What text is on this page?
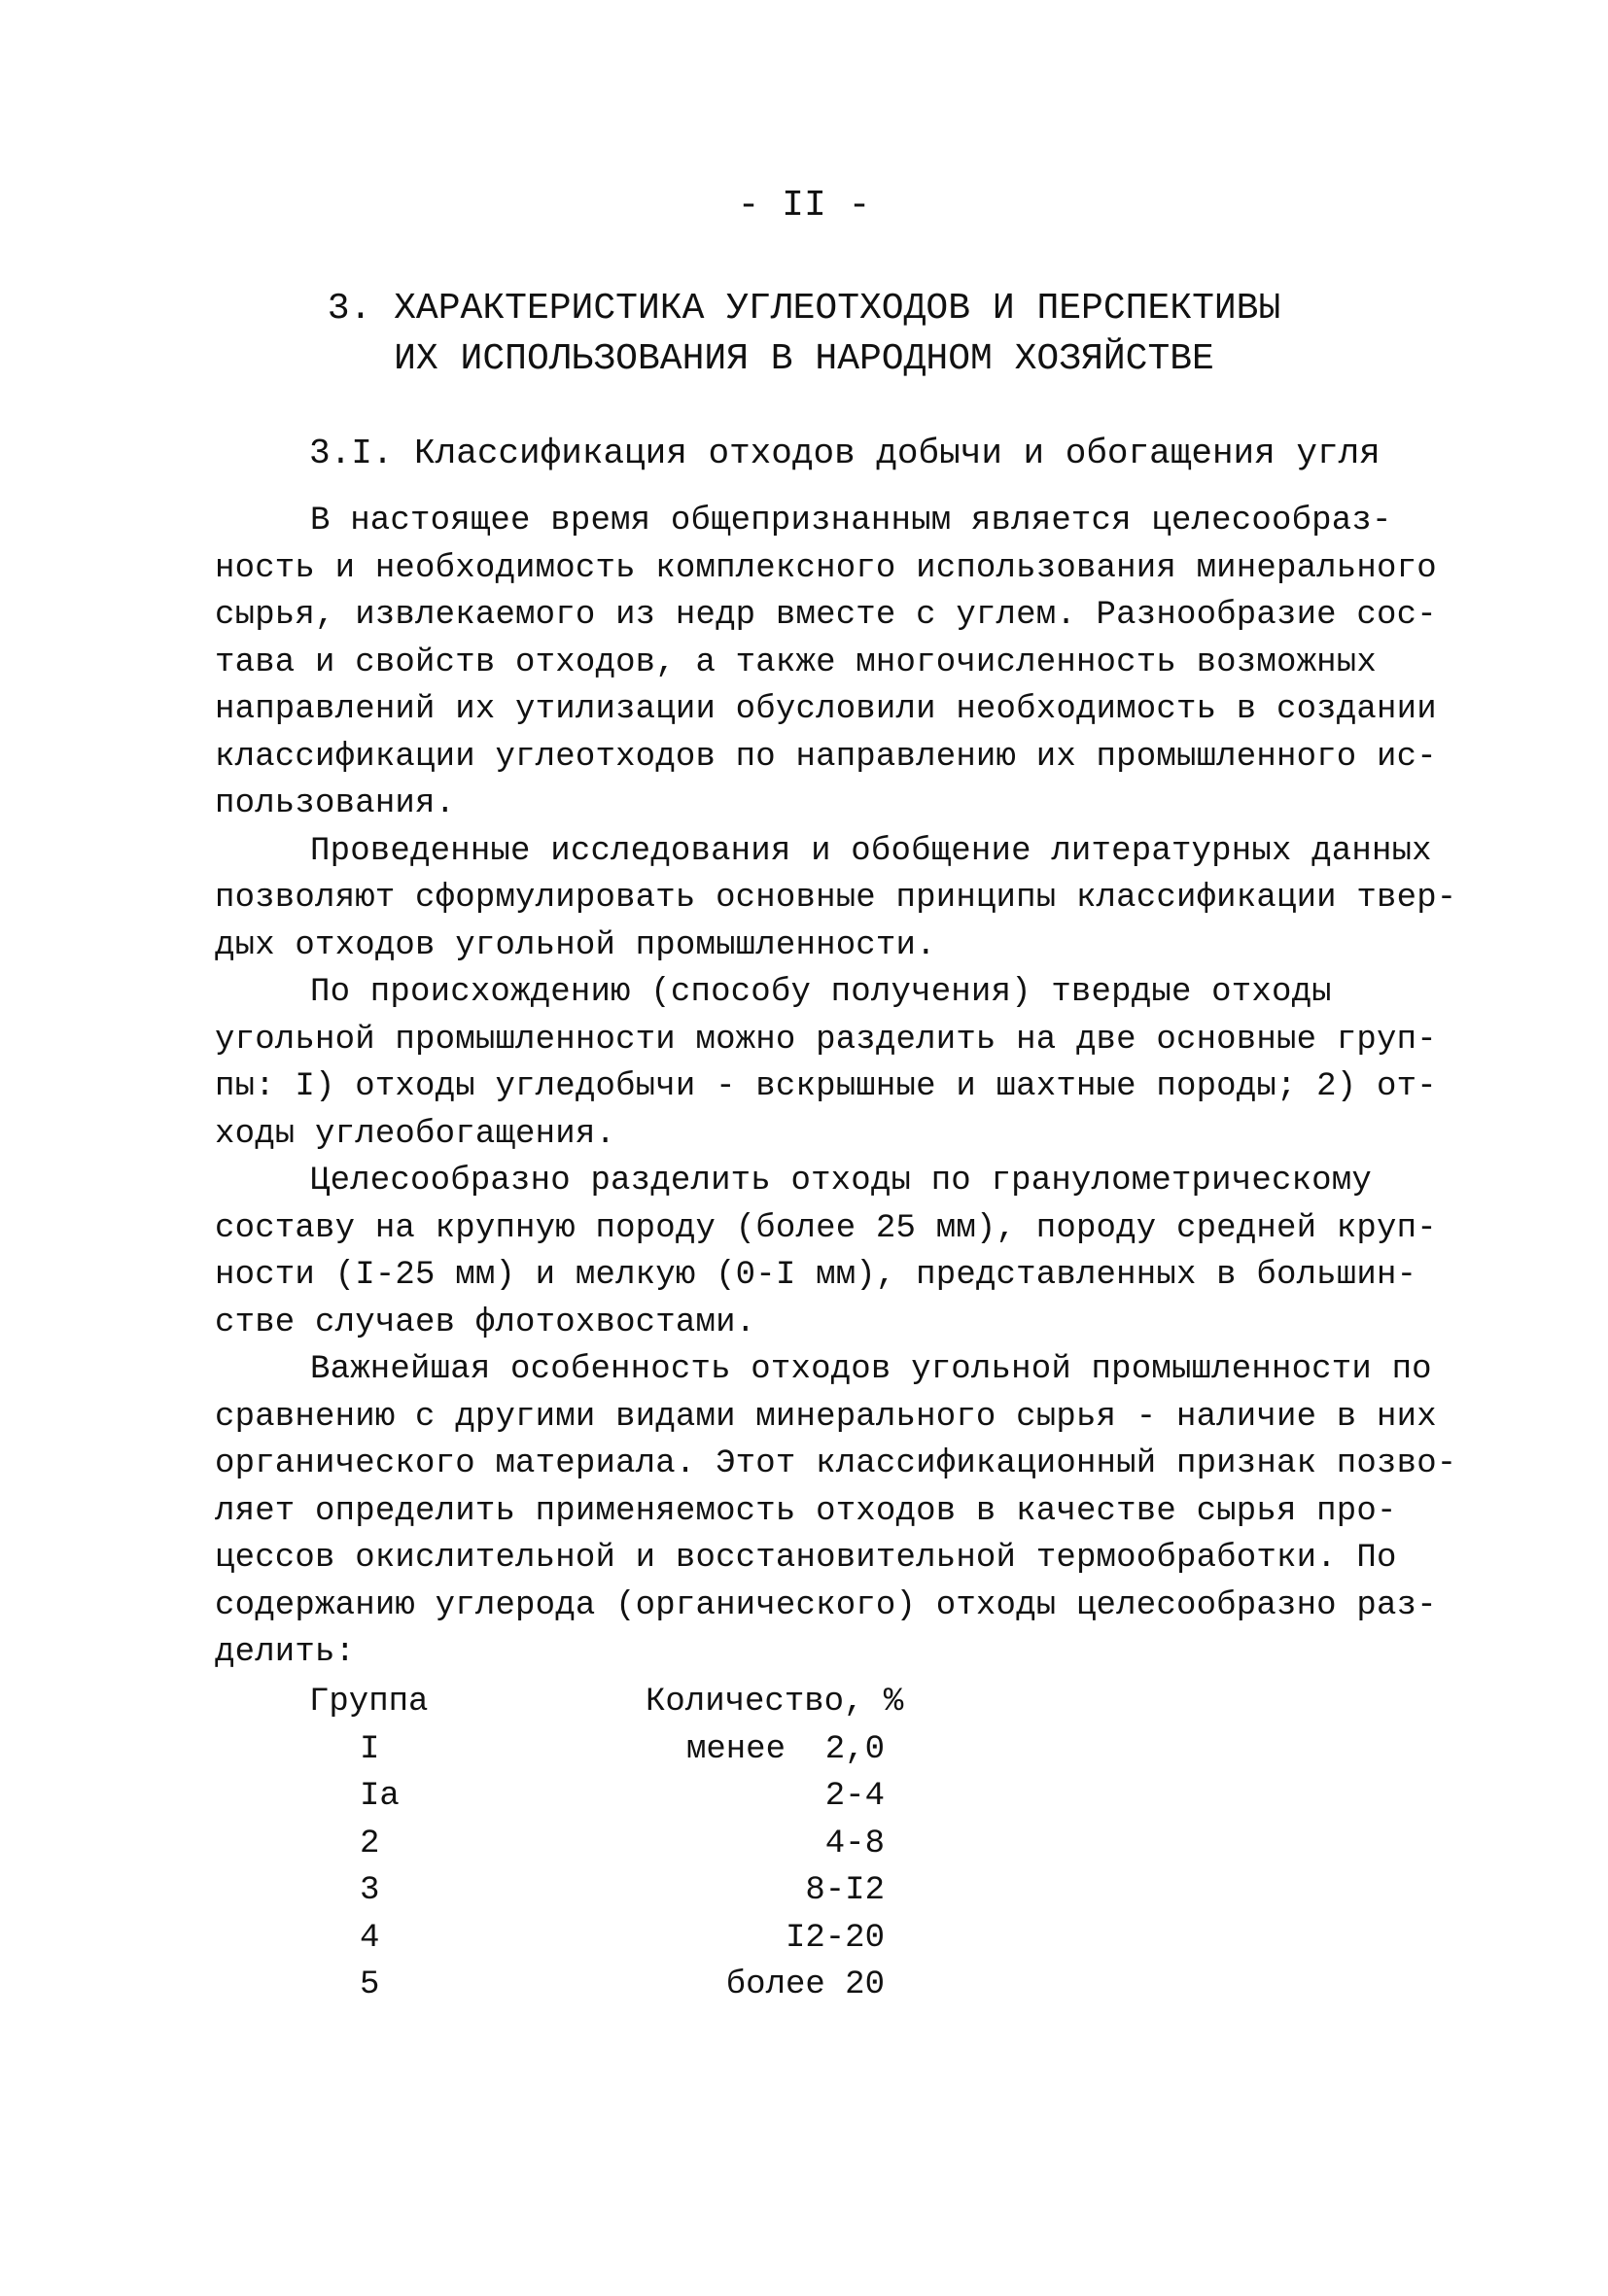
- II -
3. ХАРАКТЕРИСТИКА УГЛЕОТХОДОВ И ПЕРСПЕКТИВЫ
ИХ ИСПОЛЬЗОВАНИЯ В НАРОДНОМ ХОЗЯЙСТВЕ
3.I. Классификация отходов добычи и обогащения угля
В настоящее время общепризнанным является целесообраз-
ность и необходимость комплексного использования минерального
сырья, извлекаемого из недр вместе с углем. Разнообразие сос-
тава и свойств отходов, а также многочисленность возможных
направлений их утилизации обусловили необходимость в создании
классификации углеотходов по направлению их промышленного ис-
пользования.
Проведенные исследования и обобщение литературных данных
позволяют сформулировать основные принципы классификации твер-
дых отходов угольной промышленности.
По происхождению (способу получения) твердые отходы
угольной промышленности можно разделить на две основные груп-
пы: I) отходы угледобычи - вскрышные и шахтные породы; 2) от-
ходы углеобогащения.
Целесообразно разделить отходы по гранулометрическому
составу на крупную породу (более 25 мм), породу средней круп-
ности (I-25 мм) и мелкую (0-I мм), представленных в большин-
стве случаев флотохвостами.
Важнейшая особенность отходов угольной промышленности по
сравнению с другими видами минерального сырья - наличие в них
органического материала. Этот классификационный признак позво-
ляет определить применяемость отходов в качестве сырья про-
цессов окислительной и восстановительной термообработки. По
содержанию углерода (органического) отходы целесообразно раз-
делить:
Группа	Количество, %
I	менее  2,0
Ia	2-4
2	4-8
3	8-I2
4	I2-20
5	более 20
